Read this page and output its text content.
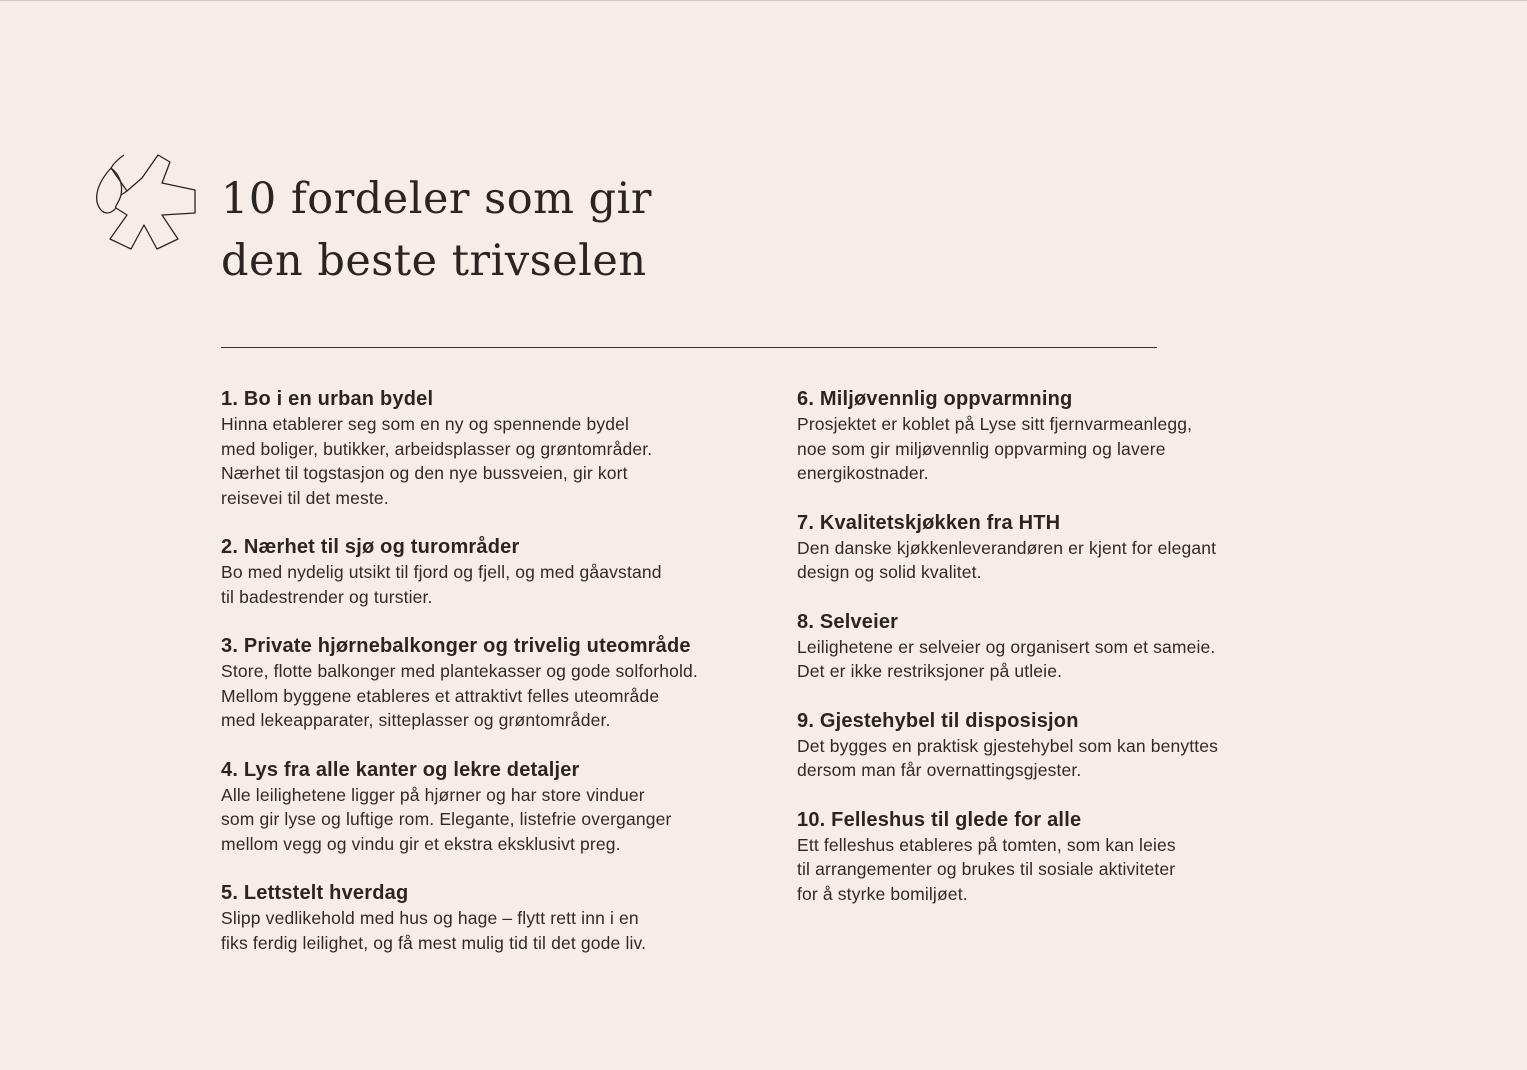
10 fordeler som gir
den beste trivselen
1. Bo i en urban bydel
Hinna etablerer seg som en ny og spennende bydel
med boliger, butikker, arbeidsplasser og grøntområder.
Nærhet til togstasjon og den nye bussveien, gir kort
reisevei til det meste.
2. Nærhet til sjø og turområder
Bo med nydelig utsikt til fjord og fjell, og med gåavstand
til badestrender og turstier.
3. Private hjørnebalkonger og trivelig uteområde
Store, flotte balkonger med plantekasser og gode solforhold.
Mellom byggene etableres et attraktivt felles uteområde
med lekeapparater, sitteplasser og grøntområder.
4. Lys fra alle kanter og lekre detaljer
Alle leilighetene ligger på hjørner og har store vinduer
som gir lyse og luftige rom. Elegante, listefrie overganger
mellom vegg og vindu gir et ekstra eksklusivt preg.
5. Lettstelt hverdag
Slipp vedlikehold med hus og hage – flytt rett inn i en
fiks ferdig leilighet, og få mest mulig tid til det gode liv.
6. Miljøvennlig oppvarmning
Prosjektet er koblet på Lyse sitt fjernvarmeanlegg,
noe som gir miljøvennlig oppvarming og lavere
energikostnader.
7. Kvalitetskjøkken fra HTH
Den danske kjøkkenleverandøren er kjent for elegant
design og solid kvalitet.
8. Selveier
Leilighetene er selveier og organisert som et sameie.
Det er ikke restriksjoner på utleie.
9. Gjestehybel til disposisjon
Det bygges en praktisk gjestehybel som kan benyttes
dersom man får overnattingsgjester.
10. Felleshus til glede for alle
Ett felleshus etableres på tomten, som kan leies
til arrangementer og brukes til sosiale aktiviteter
for å styrke bomiljøet.
